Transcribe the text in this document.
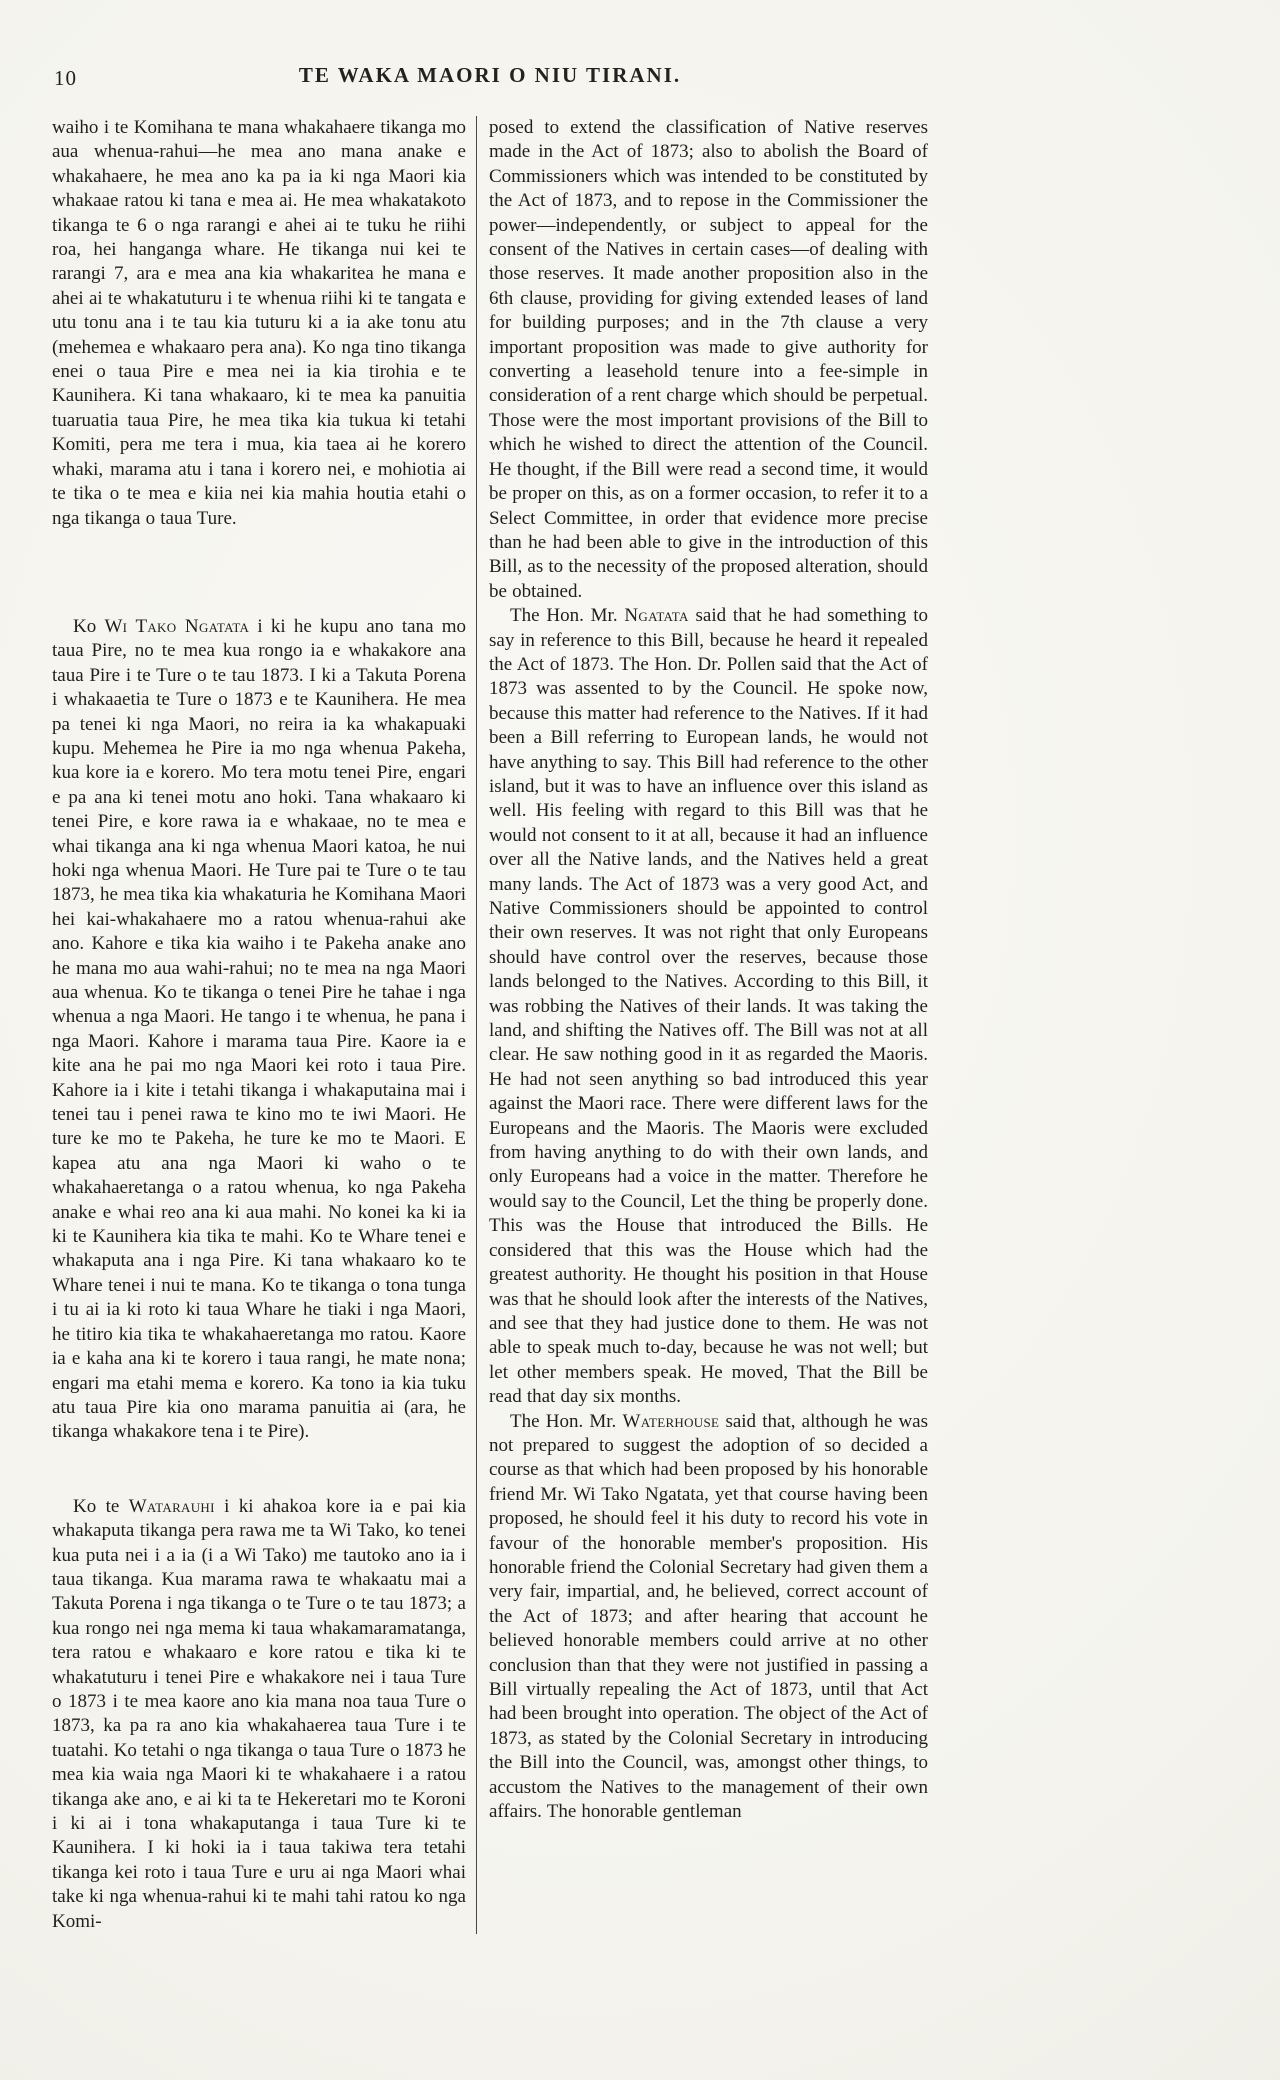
10	TE WAKA MAORI O NIU TIRANI.

waiho i te Komihana te mana whakahaere tikanga mo aua whenua-rahui—he mea ano mana anake e whakahaere, he mea ano ka pa ia ki nga Maori kia whakaae ratou ki tana e mea ai. He mea whakatakoto tikanga te 6 o nga rarangi e ahei ai te tuku he riihi roa, hei hanganga whare. He tikanga nui kei te rarangi 7, ara e mea ana kia whakaritea he mana e ahei ai te whakatuturu i te whenua riihi ki te tangata e utu tonu ana i te tau kia tuturu ki a ia ake tonu atu (mehemea e whakaaro pera ana). Ko nga tino tikanga enei o taua Pire e mea nei ia kia tirohia e te Kaunihera. Ki tana whakaaro, ki te mea ka panuitia tuaruatia taua Pire, he mea tika kia tukua ki tetahi Komiti, pera me tera i mua, kia taea ai he korero whaki, marama atu i tana i korero nei, e mohiotia ai te tika o te mea e kiia nei kia mahia houtia etahi o nga tikanga o taua Ture.

Ko Wi Tako Ngatata i ki he kupu ano tana mo taua Pire, no te mea kua rongo ia e whakakore ana taua Pire i te Ture o te tau 1873. I ki a Takuta Porena i whakaaetia te Ture o 1873 e te Kaunihera. He mea pa tenei ki nga Maori, no reira ia ka whakapuaki kupu. Mehemea he Pire ia mo nga whenua Pakeha, kua kore ia e korero. Mo tera motu tenei Pire, engari e pa ana ki tenei motu ano hoki. Tana whakaaro ki tenei Pire, e kore rawa ia e whakaae, no te mea e whai tikanga ana ki nga whenua Maori katoa, he nui hoki nga whenua Maori. He Ture pai te Ture o te tau 1873, he mea tika kia whakaturia he Komihana Maori hei kai-whakahaere mo a ratou whenua-rahui ake ano. Kahore e tika kia waiho i te Pakeha anake ano he mana mo aua wahi-rahui; no te mea na nga Maori aua whenua. Ko te tikanga o tenei Pire he tahae i nga whenua a nga Maori. He tango i te whenua, he pana i nga Maori. Kahore i marama taua Pire. Kaore ia e kite ana he pai mo nga Maori kei roto i taua Pire. Kahore ia i kite i tetahi tikanga i whakaputaina mai i tenei tau i penei rawa te kino mo te iwi Maori. He ture ke mo te Pakeha, he ture ke mo te Maori. E kapea atu ana nga Maori ki waho o te whakahaeretanga o a ratou whenua, ko nga Pakeha anake e whai reo ana ki aua mahi. No konei ka ki ia ki te Kaunihera kia tika te mahi. Ko te Whare tenei e whakaputa ana i nga Pire. Ki tana whakaaro ko te Whare tenei i nui te mana. Ko te tikanga o tona tunga i tu ai ia ki roto ki taua Whare he tiaki i nga Maori, he titiro kia tika te whakahaeretanga mo ratou. Kaore ia e kaha ana ki te korero i taua rangi, he mate nona; engari ma etahi mema e korero. Ka tono ia kia tuku atu taua Pire kia ono marama panuitia ai (ara, he tikanga whakakore tena i te Pire).

Ko te Watarauhi i ki ahakoa kore ia e pai kia whakaputa tikanga pera rawa me ta Wi Tako, ko tenei kua puta nei i a ia (i a Wi Tako) me tautoko ano ia i taua tikanga. Kua marama rawa te whakaatu mai a Takuta Porena i nga tikanga o te Ture o te tau 1873; a kua rongo nei nga mema ki taua whakamaramatanga, tera ratou e whakaaro e kore ratou e tika ki te whakatuturu i tenei Pire e whakakore nei i taua Ture o 1873 i te mea kaore ano kia mana noa taua Ture o 1873, ka pa ra ano kia whakahaerea taua Ture i te tuatahi. Ko tetahi o nga tikanga o taua Ture o 1873 he mea kia waia nga Maori ki te whakahaere i a ratou tikanga ake ano, e ai ki ta te Hekeretari mo te Koroni i ki ai i tona whakaputanga i taua Ture ki te Kaunihera. I ki hoki ia i taua takiwa tera tetahi tikanga kei roto i taua Ture e uru ai nga Maori whai take ki nga whenua-rahui ki te mahi tahi ratou ko nga Komi-

posed to extend the classification of Native reserves made in the Act of 1873; also to abolish the Board of Commissioners which was intended to be constituted by the Act of 1873, and to repose in the Commissioner the power—independently, or subject to appeal for the consent of the Natives in certain cases—of dealing with those reserves. It made another proposition also in the 6th clause, providing for giving extended leases of land for building purposes; and in the 7th clause a very important proposition was made to give authority for converting a leasehold tenure into a fee-simple in consideration of a rent charge which should be perpetual. Those were the most important provisions of the Bill to which he wished to direct the attention of the Council. He thought, if the Bill were read a second time, it would be proper on this, as on a former occasion, to refer it to a Select Committee, in order that evidence more precise than he had been able to give in the introduction of this Bill, as to the necessity of the proposed alteration, should be obtained.

The Hon. Mr. Ngatata said that he had something to say in reference to this Bill, because he heard it repealed the Act of 1873. The Hon. Dr. Pollen said that the Act of 1873 was assented to by the Council. He spoke now, because this matter had reference to the Natives. If it had been a Bill referring to European lands, he would not have anything to say. This Bill had reference to the other island, but it was to have an influence over this island as well. His feeling with regard to this Bill was that he would not consent to it at all, because it had an influence over all the Native lands, and the Natives held a great many lands. The Act of 1873 was a very good Act, and Native Commissioners should be appointed to control their own reserves. It was not right that only Europeans should have control over the reserves, because those lands belonged to the Natives. According to this Bill, it was robbing the Natives of their lands. It was taking the land, and shifting the Natives off. The Bill was not at all clear. He saw nothing good in it as regarded the Maoris. He had not seen anything so bad introduced this year against the Maori race. There were different laws for the Europeans and the Maoris. The Maoris were excluded from having anything to do with their own lands, and only Europeans had a voice in the matter. Therefore he would say to the Council, Let the thing be properly done. This was the House that introduced the Bills. He considered that this was the House which had the greatest authority. He thought his position in that House was that he should look after the interests of the Natives, and see that they had justice done to them. He was not able to speak much to-day, because he was not well; but let other members speak. He moved, That the Bill be read that day six months.

The Hon. Mr. Waterhouse said that, although he was not prepared to suggest the adoption of so decided a course as that which had been proposed by his honorable friend Mr. Wi Tako Ngatata, yet that course having been proposed, he should feel it his duty to record his vote in favour of the honorable member's proposition. His honorable friend the Colonial Secretary had given them a very fair, impartial, and, he believed, correct account of the Act of 1873; and after hearing that account he believed honorable members could arrive at no other conclusion than that they were not justified in passing a Bill virtually repealing the Act of 1873, until that Act had been brought into operation. The object of the Act of 1873, as stated by the Colonial Secretary in introducing the Bill into the Council, was, amongst other things, to accustom the Natives to the management of their own affairs. The honorable gentleman
